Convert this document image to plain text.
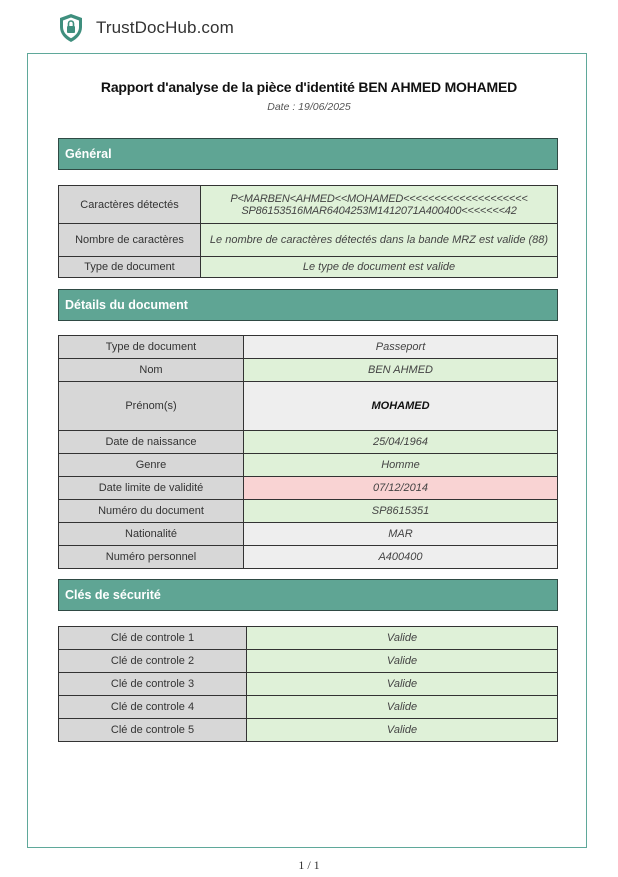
TrustDocHub.com
Rapport d'analyse de la pièce d'identité BEN AHMED MOHAMED
Date : 19/06/2025
Général
Caractères détectés	P<MARBEN<AHMED<<MOHAMED<<<<<<<<<<<<<<<<<<<<
SP86153516MAR6404253M1412071A400400<<<<<<<42

Nombre de caractères	Le nombre de caractères détectés dans la bande MRZ est valide (88)
Type de document	Le type de document est valide
Détails du document
Type de document	Passeport
Nom	BEN AHMED
Prénom(s)	MOHAMED
Date de naissance	25/04/1964
Genre	Homme
Date limite de validité	07/12/2014
Numéro du document	SP8615351
Nationalité	MAR
Numéro personnel	A400400
Clés de sécurité
Clé de controle 1	Valide
Clé de controle 2	Valide
Clé de controle 3	Valide
Clé de controle 4	Valide
Clé de controle 5	Valide
1 / 1
